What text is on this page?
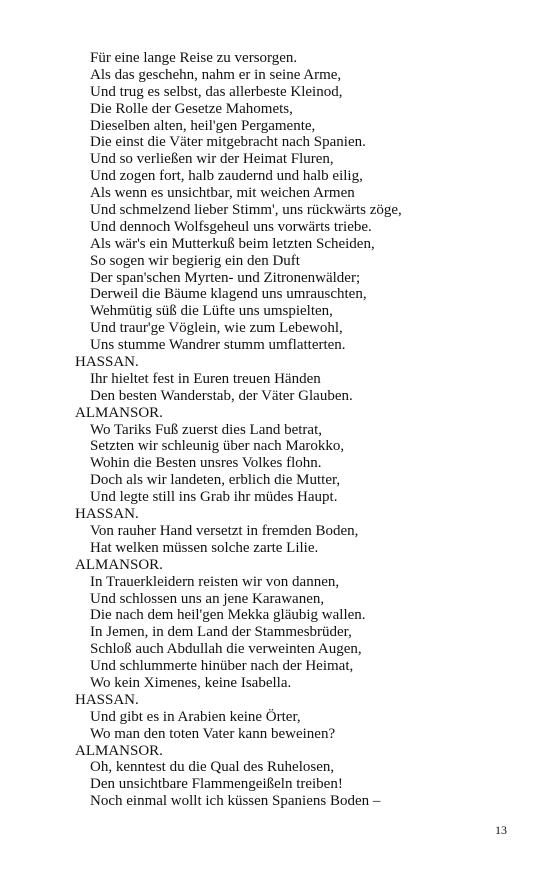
Für eine lange Reise zu versorgen.
Als das geschehn, nahm er in seine Arme,
Und trug es selbst, das allerbeste Kleinod,
Die Rolle der Gesetze Mahomets,
Dieselben alten, heil'gen Pergamente,
Die einst die Väter mitgebracht nach Spanien.
Und so verließen wir der Heimat Fluren,
Und zogen fort, halb zaudernd und halb eilig,
Als wenn es unsichtbar, mit weichen Armen
Und schmelzend lieber Stimm', uns rückwärts zöge,
Und dennoch Wolfsgeheul uns vorwärts triebe.
Als wär's ein Mutterkuß beim letzten Scheiden,
So sogen wir begierig ein den Duft
Der span'schen Myrten- und Zitronenwälder;
Derweil die Bäume klagend uns umrauschten,
Wehmütig süß die Lüfte uns umspielten,
Und traur'ge Vöglein, wie zum Lebewohl,
Uns stumme Wandrer stumm umflatterten.
HASSAN.
Ihr hieltet fest in Euren treuen Händen
Den besten Wanderstab, der Väter Glauben.
ALMANSOR.
Wo Tariks Fuß zuerst dies Land betrat,
Setzten wir schleunig über nach Marokko,
Wohin die Besten unsres Volkes flohn.
Doch als wir landeten, erblich die Mutter,
Und legte still ins Grab ihr müdes Haupt.
HASSAN.
Von rauher Hand versetzt in fremden Boden,
Hat welken müssen solche zarte Lilie.
ALMANSOR.
In Trauerkleidern reisten wir von dannen,
Und schlossen uns an jene Karawanen,
Die nach dem heil'gen Mekka gläubig wallen.
In Jemen, in dem Land der Stammesbrüder,
Schloß auch Abdullah die verweinten Augen,
Und schlummerte hinüber nach der Heimat,
Wo kein Ximenes, keine Isabella.
HASSAN.
Und gibt es in Arabien keine Örter,
Wo man den toten Vater kann beweinen?
ALMANSOR.
Oh, kenntest du die Qual des Ruhelosen,
Den unsichtbare Flammengeißeln treiben!
Noch einmal wollt ich küssen Spaniens Boden –
13
